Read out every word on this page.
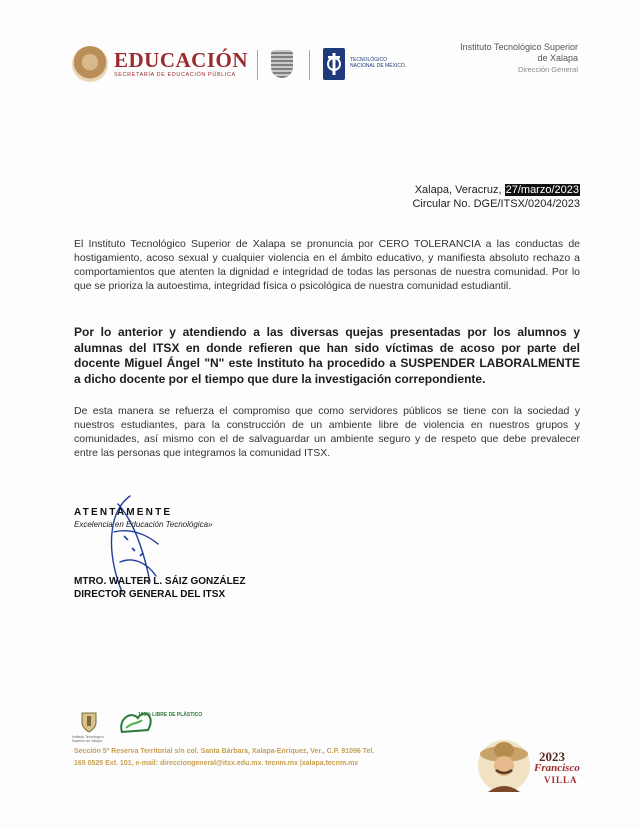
EDUCACIÓN
SECRETARÍA DE EDUCACIÓN PÚBLICA
TECNOLÓGICO NACIONAL DE MÉXICO.
Instituto Tecnológico Superior
de Xalapa
Dirección General
Xalapa, Veracruz, 27/marzo/2023
Circular No. DGE/ITSX/0204/2023
El Instituto Tecnológico Superior de Xalapa se pronuncia por CERO TOLERANCIA a las conductas de hostigamiento, acoso sexual y cualquier violencia en el ámbito educativo, y manifiesta absoluto rechazo a comportamientos que atenten la dignidad e integridad de todas las personas de nuestra comunidad. Por lo que se prioriza la autoestima, integridad física o psicológica de nuestra comunidad estudiantil.
Por lo anterior y atendiendo a las diversas quejas presentadas por los alumnos y alumnas del ITSX en donde refieren que han sido víctimas de acoso por parte del docente Miguel Ángel "N" este Instituto ha procedido a SUSPENDER LABORALMENTE a dicho docente por el tiempo que dure la investigación correpondiente.
De esta manera se refuerza el compromiso que como servidores públicos se tiene con la sociedad y nuestros estudiantes, para la construcción de un ambiente libre de violencia en nuestros grupos y comunidades, así mismo con el de salvaguardar un ambiente seguro y de respeto que debe prevalecer entre las personas que integramos la comunidad ITSX.
ATENTAMENTE
Excelencia en Educación Tecnológica»
MTRO. WALTER L. SÁIZ GONZÁLEZ
DIRECTOR GENERAL DEL ITSX
Instituto Tecnológico Superior de Xalapa
100% LIBRE DE PLÁSTICO
Sección 5ª Reserva Territorial s/n col. Santa Bárbara, Xalapa-Enríquez, Ver., C.P. 91096 Tel.
165 0525 Ext. 101, e-mail: direcciongeneral@itsx.edu.mx. tecnm.mx |xalapa.tecnm.mx	2023
Francisco
VILLA
